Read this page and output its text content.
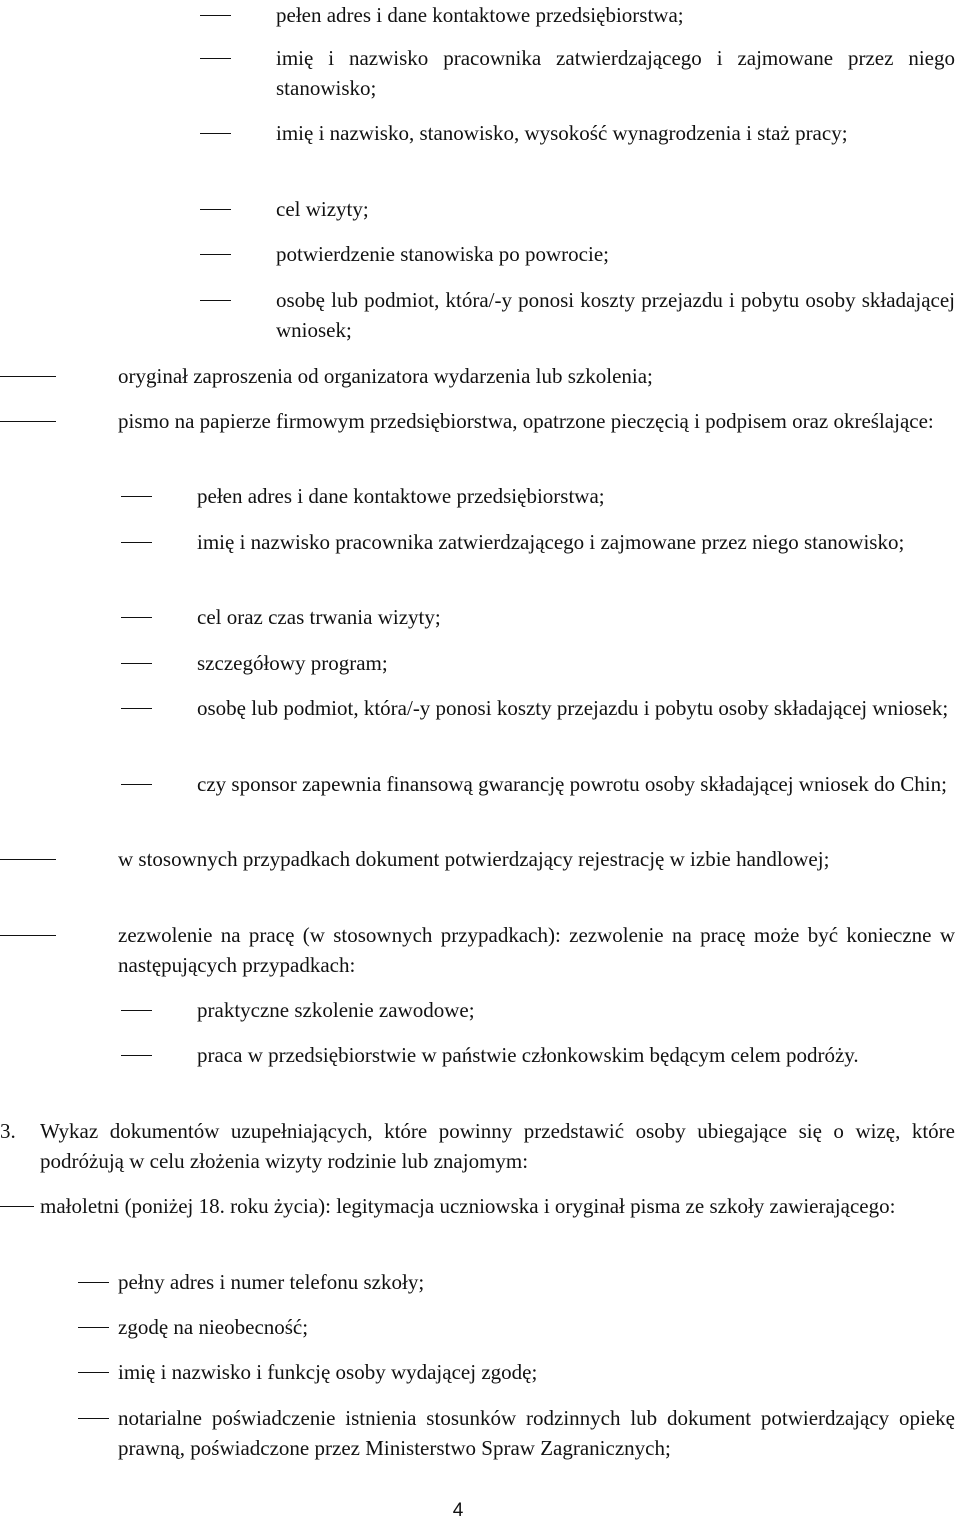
pełen adres i dane kontaktowe przedsiębiorstwa;
imię i nazwisko pracownika zatwierdzającego i zajmowane przez niego stanowisko;
imię i nazwisko, stanowisko, wysokość wynagrodzenia i staż pracy;
cel wizyty;
potwierdzenie stanowiska po powrocie;
osobę lub podmiot, która/-y ponosi koszty przejazdu i pobytu osoby składającej wniosek;
oryginał zaproszenia od organizatora wydarzenia lub szkolenia;
pismo na papierze firmowym przedsiębiorstwa, opatrzone pieczęcią i podpisem oraz określające:
pełen adres i dane kontaktowe przedsiębiorstwa;
imię i nazwisko pracownika zatwierdzającego i zajmowane przez niego stanowisko;
cel oraz czas trwania wizyty;
szczegółowy program;
osobę lub podmiot, która/-y ponosi koszty przejazdu i pobytu osoby składającej wniosek;
czy sponsor zapewnia finansową gwarancję powrotu osoby składającej wniosek do Chin;
w stosownych przypadkach dokument potwierdzający rejestrację w izbie handlowej;
zezwolenie na pracę (w stosownych przypadkach): zezwolenie na pracę może być konieczne w następujących przypadkach:
praktyczne szkolenie zawodowe;
praca w przedsiębiorstwie w państwie członkowskim będącym celem podróży.
3. Wykaz dokumentów uzupełniających, które powinny przedstawić osoby ubiegające się o wizę, które podróżują w celu złożenia wizyty rodzinie lub znajomym:
małoletni (poniżej 18. roku życia): legitymacja uczniowska i oryginał pisma ze szkoły zawierającego:
pełny adres i numer telefonu szkoły;
zgodę na nieobecność;
imię i nazwisko i funkcję osoby wydającej zgodę;
notarialne poświadczenie istnienia stosunków rodzinnych lub dokument potwierdzający opiekę prawną, poświadczone przez Ministerstwo Spraw Zagranicznych;
4
